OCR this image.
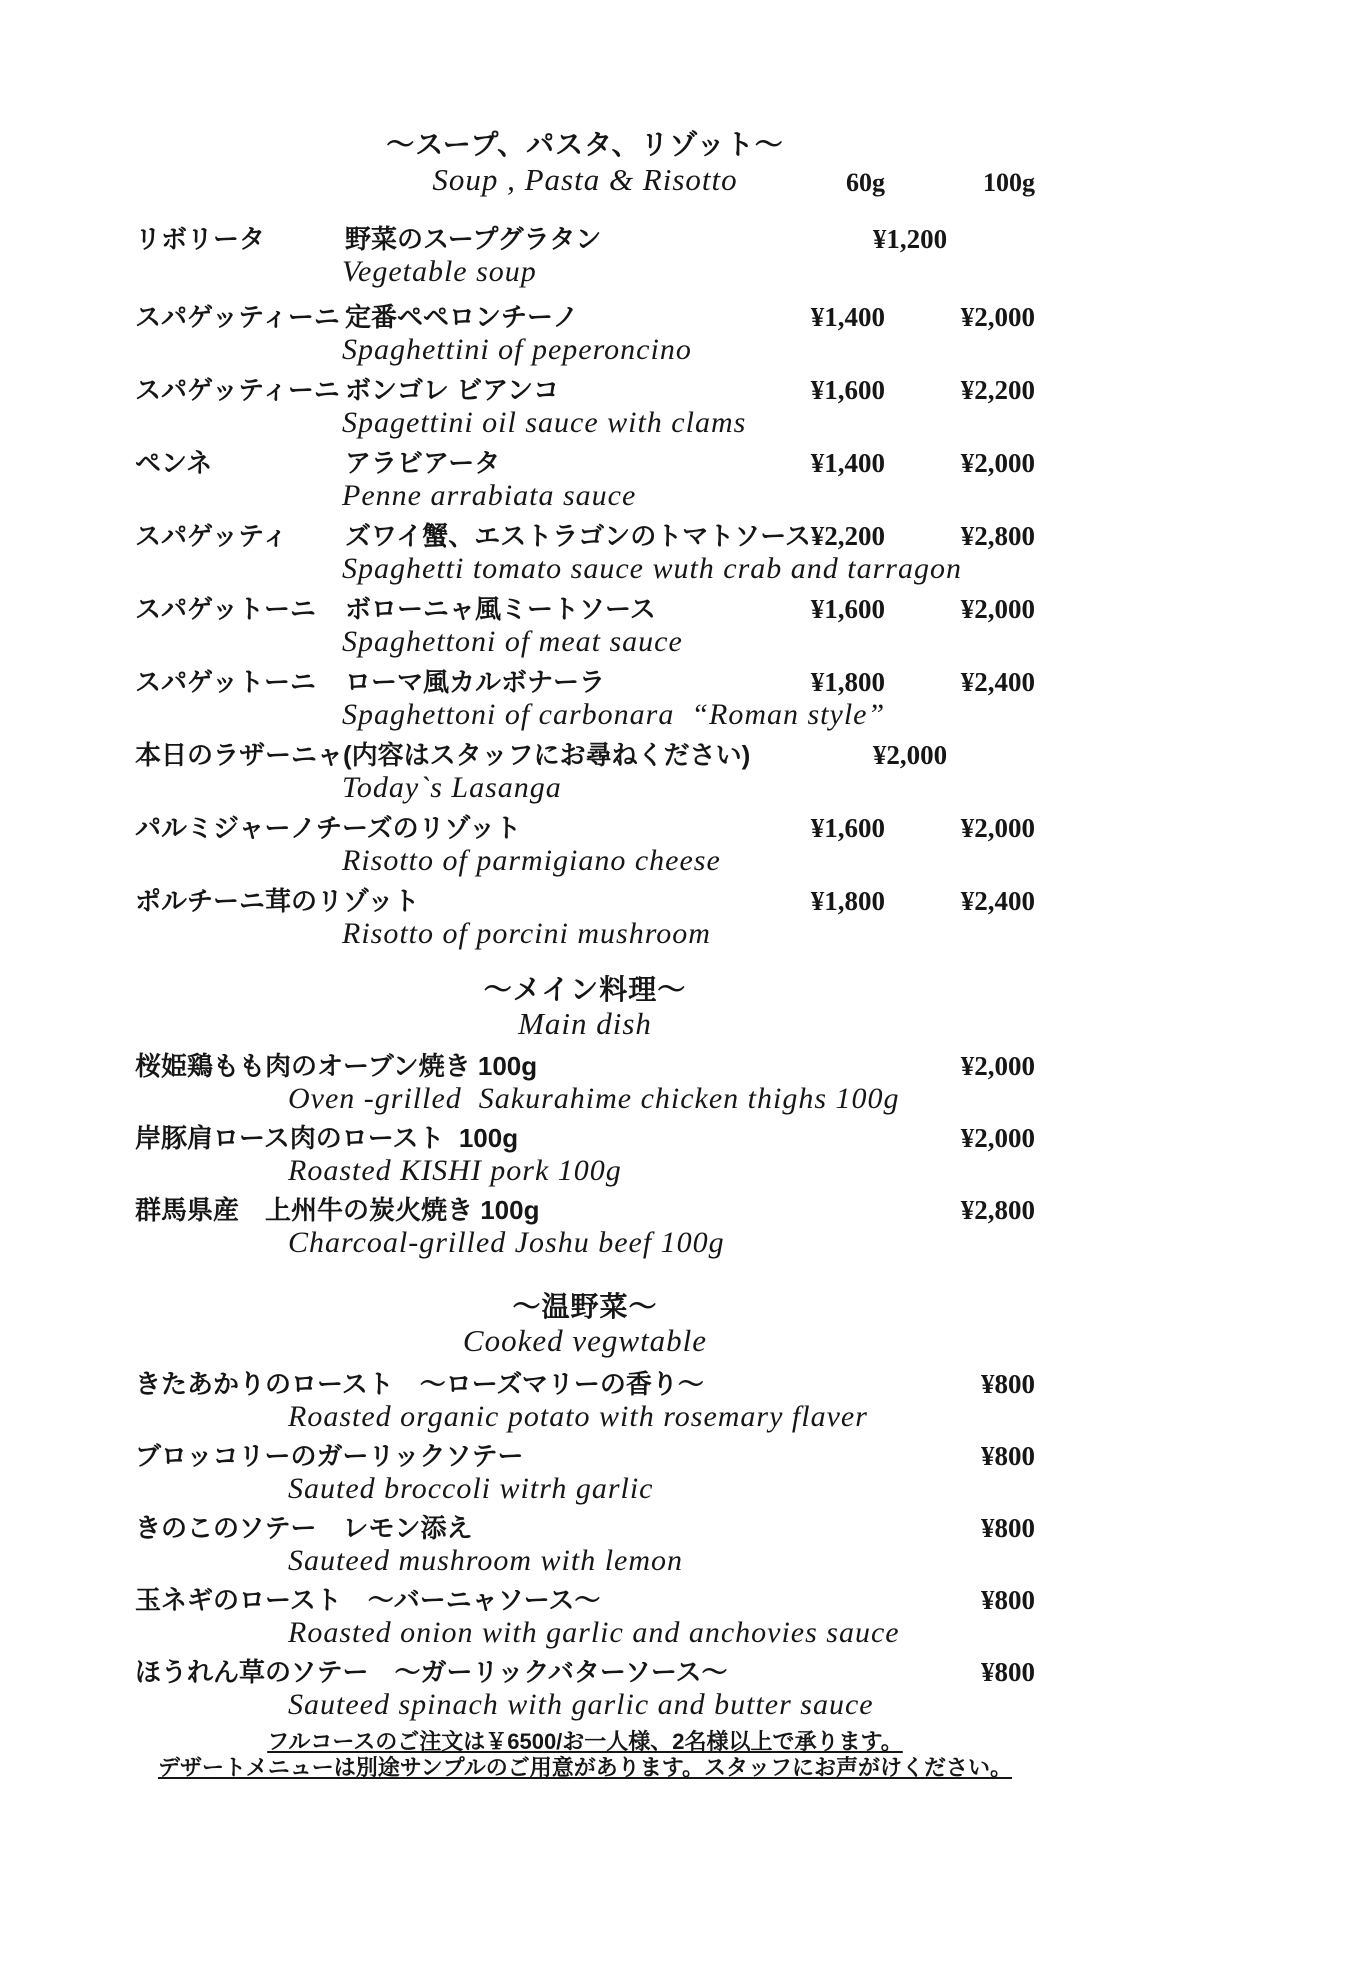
～スープ、パスタ、リゾット～
Soup , Pasta & Risotto	60g	100g
リボリータ	野菜のスープグラタン	¥1,200
Vegetable soup
スパゲッティーニ 定番ペペロンチーノ	¥1,400	¥2,000
Spaghettini of peperoncino
スパゲッティーニ ボンゴレ ビアンコ	¥1,600	¥2,200
Spagettini oil sauce with clams
ペンネ	アラビアータ	¥1,400	¥2,000
Penne arrabiata sauce
スパゲッティ	ズワイ蟹、エストラゴンのトマトソース ¥2,200	¥2,800
Spaghetti tomato sauce wuth crab and tarragon
スパゲットーニ	ボローニャ風ミートソース	¥1,600	¥2,000
Spaghettoni of meat sauce
スパゲットーニ	ローマ風カルボナーラ	¥1,800	¥2,400
Spaghettoni of carbonara  “Roman style”
本日のラザーニャ(内容はスタッフにお尋ねください)	¥2,000
Today`s Lasanga
パルミジャーノチーズのリゾット	¥1,600	¥2,000
Risotto of parmigiano cheese
ポルチーニ茸のリゾット	¥1,800	¥2,400
Risotto of porcini mushroom
～メイン料理～
Main dish
桜姫鶏もも肉のオーブン焼き 100g	¥2,000
Oven -grilled  Sakurahime chicken thighs 100g
岸豚肩ロース肉のロースト  100g	¥2,000
Roasted KISHI pork 100g
群馬県産　上州牛の炭火焼き 100g	¥2,800
Charcoal-grilled Joshu beef 100g
～温野菜～
Cooked vegwtable
きたあかりのロースト　～ローズマリーの香り～	¥800
Roasted organic potato with rosemary flaver
ブロッコリーのガーリックソテー	¥800
Sauted broccoli witrh garlic
きのこのソテー　レモン添え	¥800
Sauteed mushroom with lemon
玉ネギのロースト　～バーニャソース～	¥800
Roasted onion with garlic and anchovies sauce
ほうれん草のソテー　～ガーリックバターソース～	¥800
Sauteed spinach with garlic and butter sauce
フルコースのご注文は￥6500/お一人様、2名様以上で承ります。
デザートメニューは別途サンプルのご用意があります。スタッフにお声がけください。
